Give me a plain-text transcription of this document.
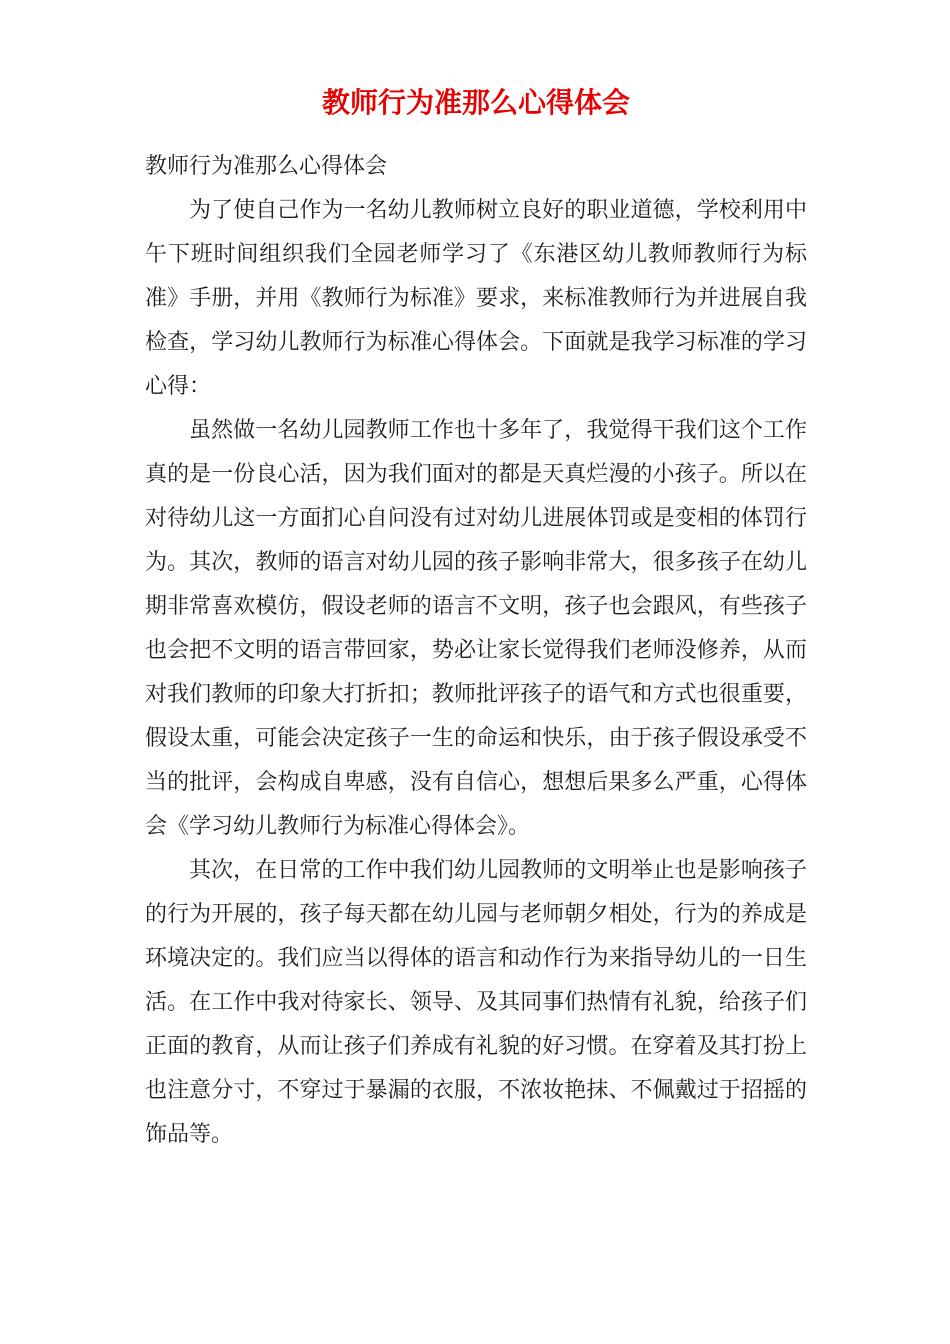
教师行为准那么心得体会

教师行为准那么心得体会

为了使自己作为一名幼儿教师树立良好的职业道德，学校利用中午下班时间组织我们全园老师学习了《东港区幼儿教师教师行为标准》手册，并用《教师行为标准》要求，来标准教师行为并进展自我检查，学习幼儿教师行为标准心得体会。下面就是我学习标准的学习心得：

虽然做一名幼儿园教师工作也十多年了，我觉得干我们这个工作真的是一份良心活，因为我们面对的都是天真烂漫的小孩子。所以在对待幼儿这一方面扪心自问没有过对幼儿进展体罚或是变相的体罚行为。其次，教师的语言对幼儿园的孩子影响非常大，很多孩子在幼儿期非常喜欢模仿，假设老师的语言不文明，孩子也会跟风，有些孩子也会把不文明的语言带回家，势必让家长觉得我们老师没修养，从而对我们教师的印象大打折扣；教师批评孩子的语气和方式也很重要，假设太重，可能会决定孩子一生的命运和快乐，由于孩子假设承受不当的批评，会构成自卑感，没有自信心，想想后果多么严重，心得体会《学习幼儿教师行为标准心得体会》。

其次，在日常的工作中我们幼儿园教师的文明举止也是影响孩子的行为开展的，孩子每天都在幼儿园与老师朝夕相处，行为的养成是环境决定的。我们应当以得体的语言和动作行为来指导幼儿的一日生活。在工作中我对待家长、领导、及其同事们热情有礼貌，给孩子们正面的教育，从而让孩子们养成有礼貌的好习惯。在穿着及其打扮上也注意分寸，不穿过于暴漏的衣服，不浓妆艳抹、不佩戴过于招摇的饰品等。
